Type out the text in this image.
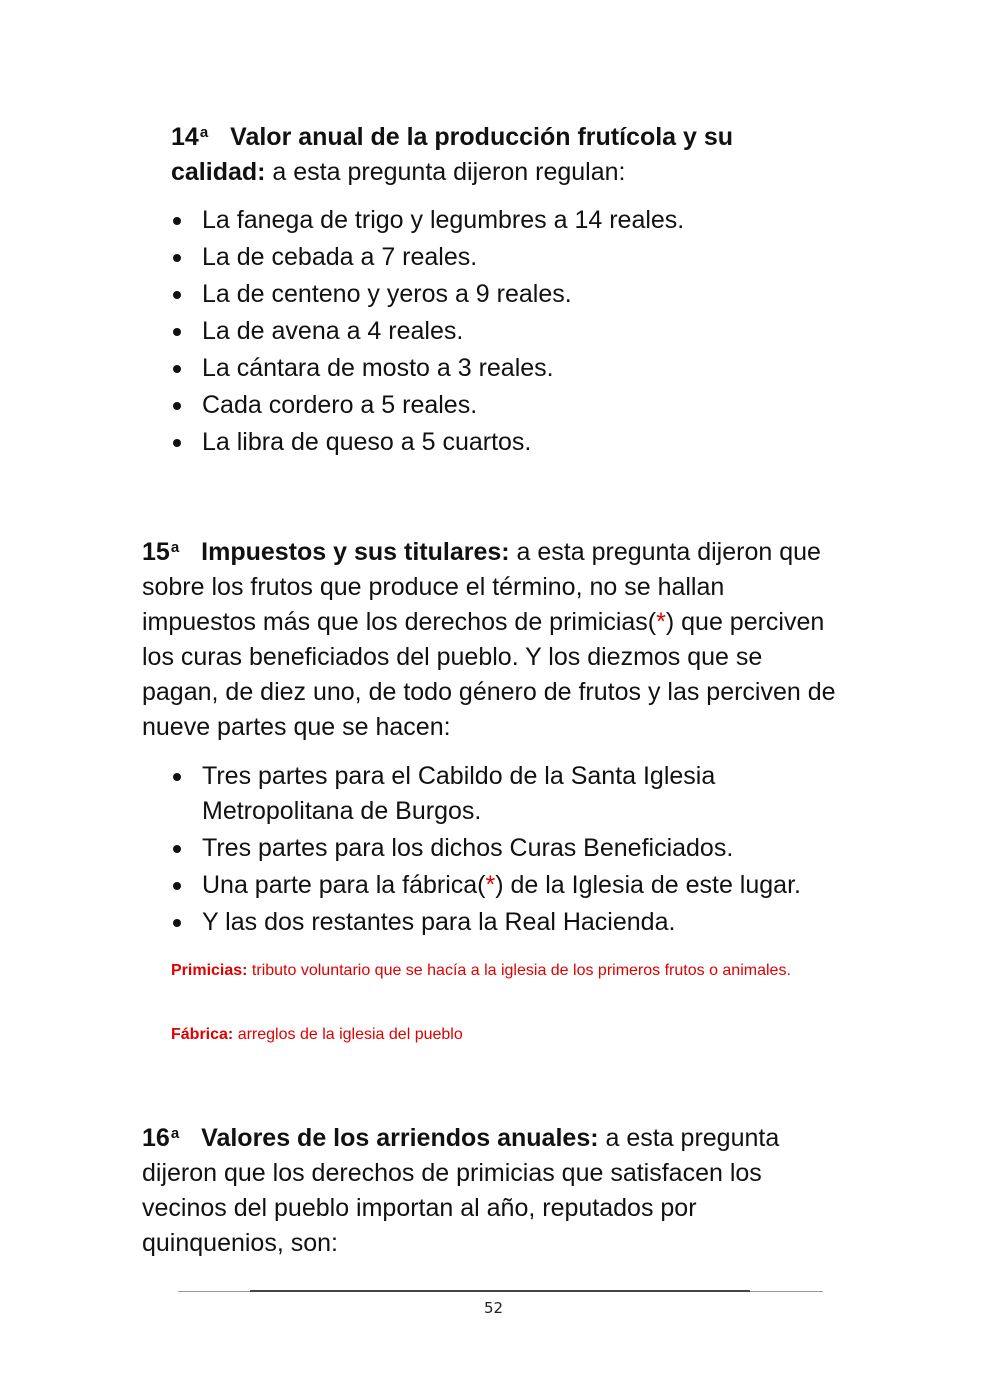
14$^a$ Valor anual de la producción frutícola y su calidad: a esta pregunta dijeron regulan:

La fanega de trigo y legumbres a 14 reales.
La de cebada a 7 reales.
La de centeno y yeros a 9 reales.
La de avena a 4 reales.
La cántara de mosto a 3 reales.
Cada cordero a 5 reales.
La libra de queso a 5 cuartos.

15$^a$ Impuestos y sus titulares: a esta pregunta dijeron que sobre los frutos que produce el término, no se hallan impuestos más que los derechos de primicias(*) que perciven los curas beneficiados del pueblo. Y los diezmos que se pagan, de diez uno, de todo género de frutos y las perciven de nueve partes que se hacen:

Tres partes para el Cabildo de la Santa Iglesia Metropolitana de Burgos.
Tres partes para los dichos Curas Beneficiados.
Una parte para la fábrica(*) de la Iglesia de este lugar.
Y las dos restantes para la Real Hacienda.

Primicias: tributo voluntario que se hacía a la iglesia de los primeros frutos o animales.

Fábrica: arreglos de la iglesia del pueblo

16$^a$ Valores de los arriendos anuales: a esta pregunta dijeron que los derechos de primicias que satisfacen los vecinos del pueblo importan al año, reputados por quinquenios, son:

52
